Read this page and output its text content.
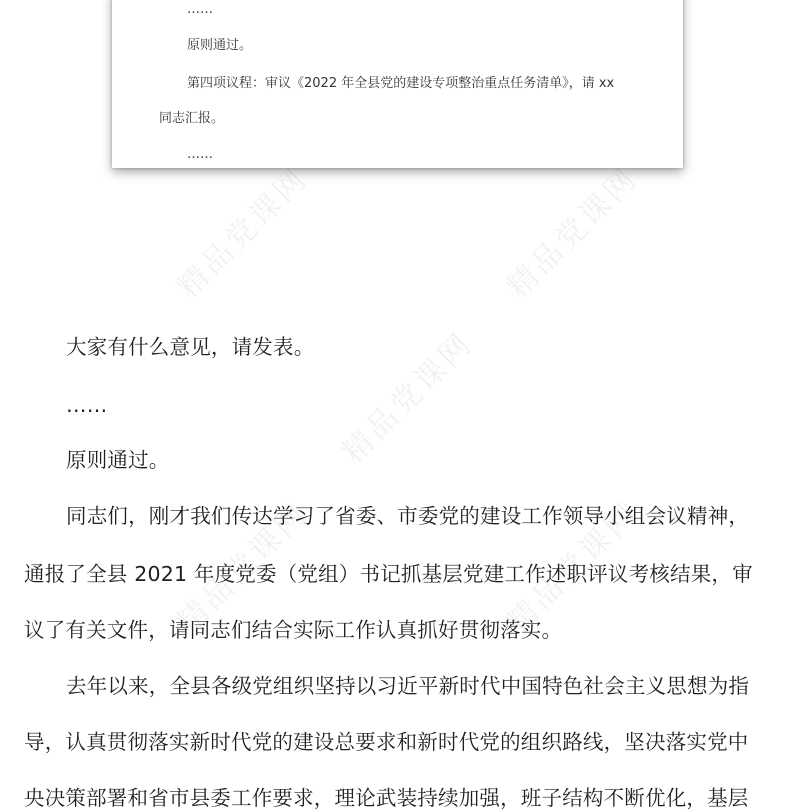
精品党课网	精品党课网
精品党课网
精品党课网	精品党课网
……
原则通过。
第四项议程：审议《2022 年全县党的建设专项整治重点任务清单》，请 xx
同志汇报。
……
大家有什么意见，请发表。
……
原则通过。
同志们，刚才我们传达学习了省委、市委党的建设工作领导小组会议精神，
通报了全县 2021 年度党委（党组）书记抓基层党建工作述职评议考核结果，审
议了有关文件，请同志们结合实际工作认真抓好贯彻落实。
去年以来，全县各级党组织坚持以习近平新时代中国特色社会主义思想为指
导，认真贯彻落实新时代党的建设总要求和新时代党的组织路线，坚决落实党中
央决策部署和省市县委工作要求，理论武装持续加强，班子结构不断优化，基层
